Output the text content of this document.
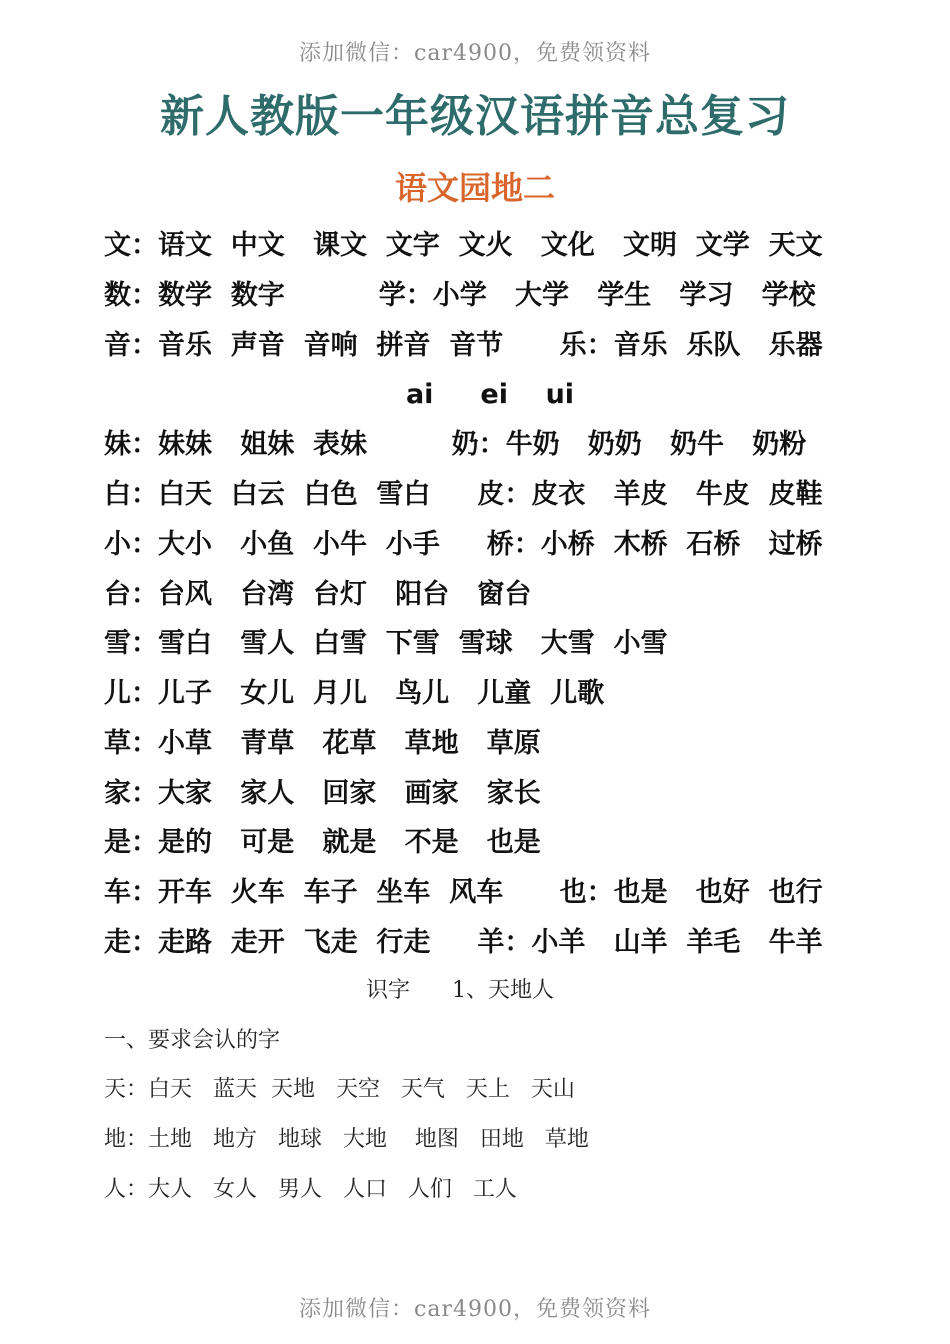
添加微信：car4900，免费领资料
新人教版一年级汉语拼音总复习
语文园地二
文：语文  中文   课文  文字  文火   文化   文明  文学  天文
数：数学  数字          学：小学   大学   学生   学习   学校
音：音乐  声音  音响  拼音  音节      乐：音乐  乐队   乐器
ai     ei    ui
妹：妹妹   姐妹  表妹         奶：牛奶   奶奶   奶牛   奶粉
白：白天  白云  白色  雪白     皮：皮衣   羊皮   牛皮  皮鞋
小：大小   小鱼  小牛  小手     桥：小桥  木桥  石桥   过桥
台：台风   台湾  台灯   阳台   窗台
雪：雪白   雪人  白雪  下雪  雪球   大雪  小雪
儿：儿子   女儿  月儿   鸟儿   儿童  儿歌
草：小草   青草   花草   草地   草原
家：大家   家人   回家   画家   家长
是：是的   可是   就是   不是   也是
车：开车  火车  车子  坐车  风车      也：也是   也好  也行
走：走路  走开  飞走  行走     羊：小羊   山羊  羊毛   牛羊
识字      1、天地人
一、要求会认的字
天：白天   蓝天  天地   天空   天气   天上   天山
地：土地   地方   地球   大地    地图   田地   草地
人：大人   女人   男人   人口   人们   工人
添加微信：car4900，免费领资料
